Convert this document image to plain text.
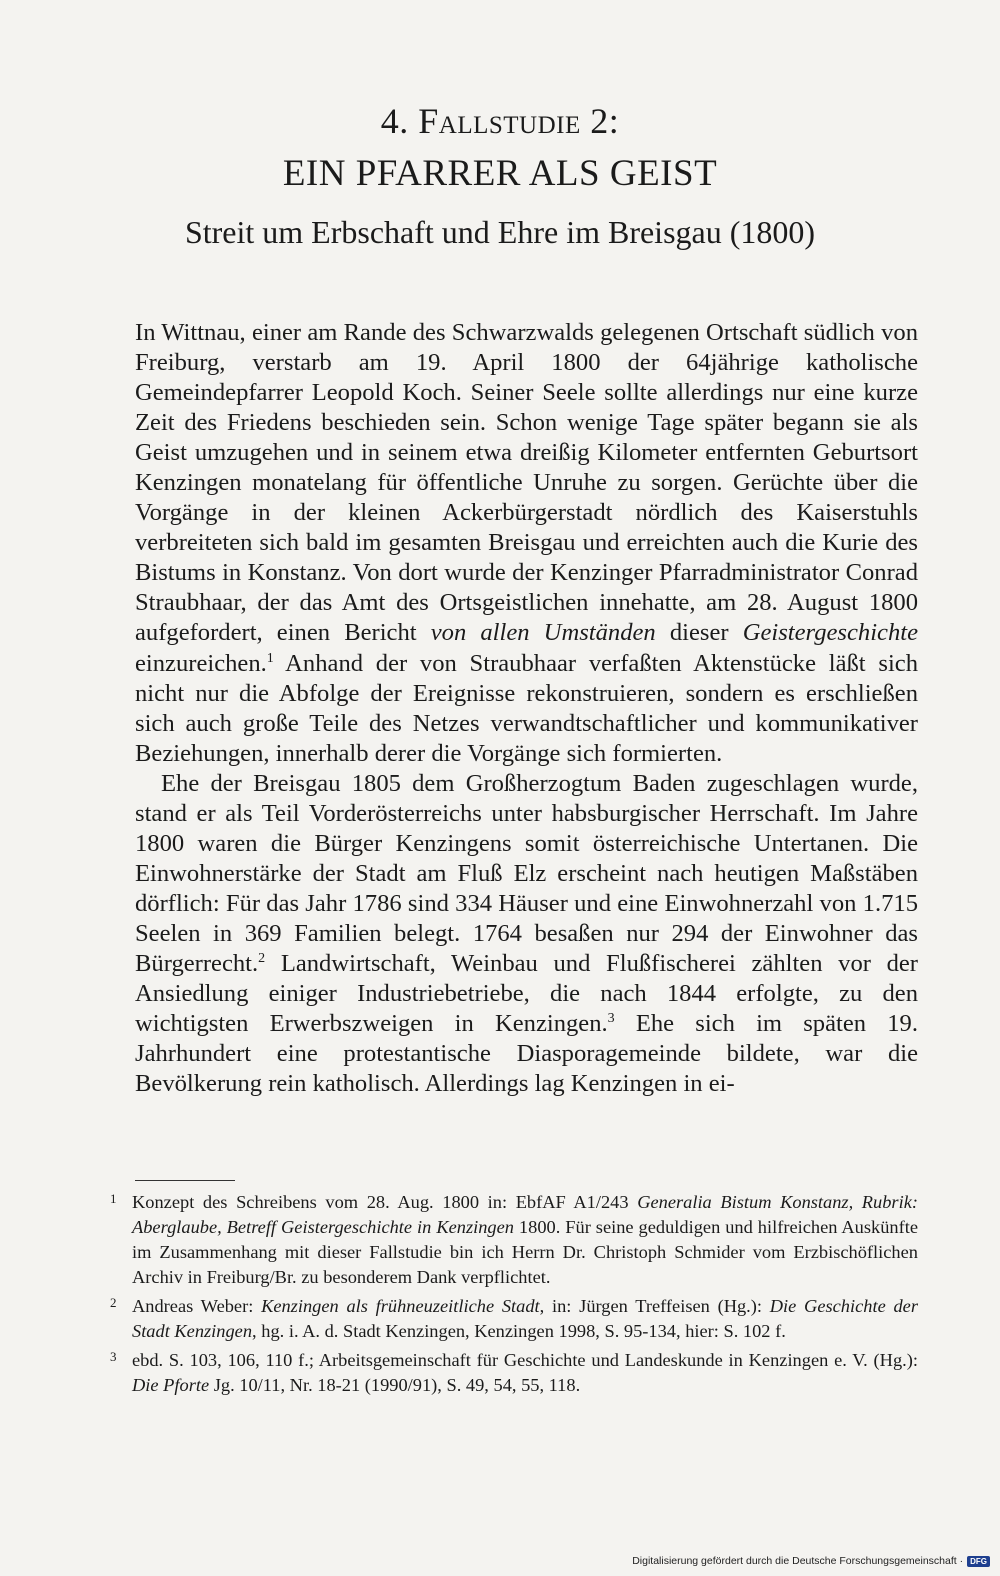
4. Fallstudie 2:
EIN PFARRER ALS GEIST
Streit um Erbschaft und Ehre im Breisgau (1800)

In Wittnau, einer am Rande des Schwarzwalds gelegenen Ortschaft südlich von Freiburg, verstarb am 19. April 1800 der 64jährige katholische Gemeindepfarrer Leopold Koch. Seiner Seele sollte allerdings nur eine kurze Zeit des Friedens beschieden sein. Schon wenige Tage später begann sie als Geist umzugehen und in seinem etwa dreißig Kilometer entfernten Geburtsort Kenzingen monatelang für öffentliche Unruhe zu sorgen. Gerüchte über die Vorgänge in der kleinen Ackerbürgerstadt nördlich des Kaiserstuhls verbreiteten sich bald im gesamten Breisgau und erreichten auch die Kurie des Bistums in Konstanz. Von dort wurde der Kenzinger Pfarradministrator Conrad Straubhaar, der das Amt des Ortsgeistlichen innehatte, am 28. August 1800 aufgefordert, einen Bericht von allen Umständen dieser Geistergeschichte einzureichen.$^1$ Anhand der von Straubhaar verfaßten Aktenstücke läßt sich nicht nur die Abfolge der Ereignisse rekonstruieren, sondern es erschließen sich auch große Teile des Netzes verwandtschaftlicher und kommunikativer Beziehungen, innerhalb derer die Vorgänge sich formierten.

Ehe der Breisgau 1805 dem Großherzogtum Baden zugeschlagen wurde, stand er als Teil Vorderösterreichs unter habsburgischer Herrschaft. Im Jahre 1800 waren die Bürger Kenzingens somit österreichische Untertanen. Die Einwohnerstärke der Stadt am Fluß Elz erscheint nach heutigen Maßstäben dörflich: Für das Jahr 1786 sind 334 Häuser und eine Einwohnerzahl von 1.715 Seelen in 369 Familien belegt. 1764 besaßen nur 294 der Einwohner das Bürgerrecht.$^2$ Landwirtschaft, Weinbau und Flußfischerei zählten vor der Ansiedlung einiger Industriebetriebe, die nach 1844 erfolgte, zu den wichtigsten Erwerbszweigen in Kenzingen.$^3$ Ehe sich im späten 19. Jahrhundert eine protestantische Diasporagemeinde bildete, war die Bevölkerung rein katholisch. Allerdings lag Kenzingen in ei-

1 Konzept des Schreibens vom 28. Aug. 1800 in: EbfAF A1/243 Generalia Bistum Konstanz, Rubrik: Aberglaube, Betreff Geistergeschichte in Kenzingen 1800. Für seine geduldigen und hilfreichen Auskünfte im Zusammenhang mit dieser Fallstudie bin ich Herrn Dr. Christoph Schmider vom Erzbischöflichen Archiv in Freiburg/Br. zu besonderem Dank verpflichtet.

2 Andreas Weber: Kenzingen als frühneuzeitliche Stadt, in: Jürgen Treffeisen (Hg.): Die Geschichte der Stadt Kenzingen, hg. i. A. d. Stadt Kenzingen, Kenzingen 1998, S. 95-134, hier: S. 102 f.

3 ebd. S. 103, 106, 110 f.; Arbeitsgemeinschaft für Geschichte und Landeskunde in Kenzingen e. V. (Hg.): Die Pforte Jg. 10/11, Nr. 18-21 (1990/91), S. 49, 54, 55, 118.

Digitalisierung gefördert durch die Deutsche Forschungsgemeinschaft · DFG
